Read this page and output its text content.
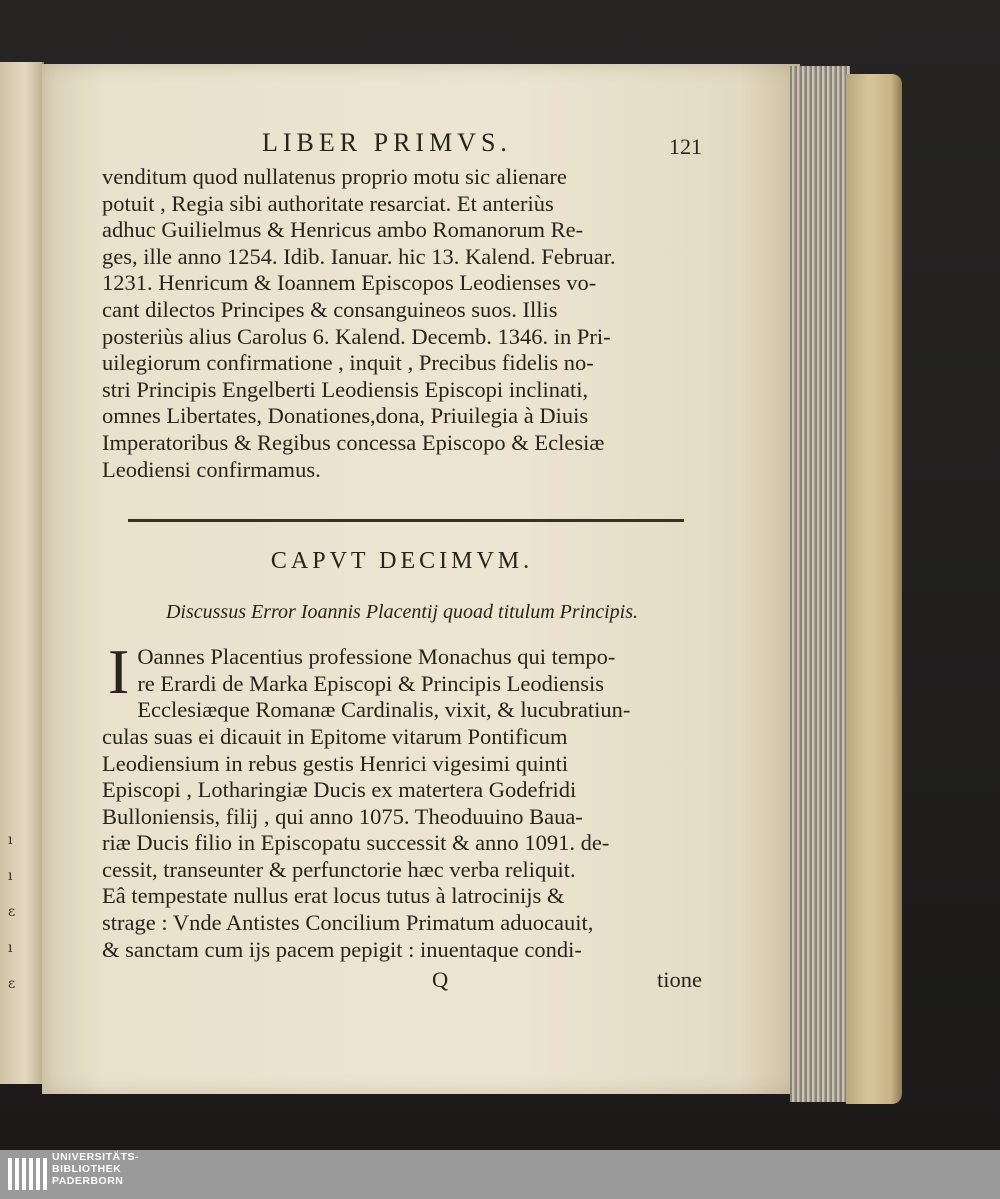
ı
ı
ɛ
ı
ɛ
LIBER PRIMVS.	121

venditum quod nullatenus proprio motu sic alienare

potuit , Regia sibi authoritate resarciat. Et anteriùs

adhuc Guilielmus & Henricus ambo Romanorum Re-

ges, ille anno 1254. Idib. Ianuar. hic 13. Kalend. Februar.

1231. Henricum & Ioannem Episcopos Leodienses vo-

cant dilectos Principes & consanguineos suos. Illis

posteriùs alius Carolus 6. Kalend. Decemb. 1346. in Pri-

uilegiorum confirmatione , inquit , Precibus fidelis no-

stri Principis Engelberti Leodiensis Episcopi inclinati,

omnes Libertates, Donationes,dona, Priuilegia à Diuis

Imperatoribus & Regibus concessa Episcopo & Eclesiæ

Leodiensi confirmamus.

CAPVT DECIMVM.
Discussus Error Ioannis Placentij quoad titulum Principis.
I Oannes Placentius professione Monachus qui tempo-

re Erardi de Marka Episcopi & Principis Leodiensis

Ecclesiæque Romanæ Cardinalis, vixit, & lucubratiun-

culas suas ei dicauit in Epitome vitarum Pontificum

Leodiensium in rebus gestis Henrici vigesimi quinti

Episcopi , Lotharingiæ Ducis ex matertera Godefridi

Bulloniensis, filij , qui anno 1075. Theoduuino Baua-

riæ Ducis filio in Episcopatu successit & anno 1091. de-

cessit, transeunter & perfunctorie hæc verba reliquit.

Eâ tempestate nullus erat locus tutus à latrocinijs &

strage : Vnde Antistes Concilium Primatum aduocauit,

& sanctam cum ijs pacem pepigit : inuentaque condi-

Q	tione
UNIVERSITÄTS-
BIBLIOTHEK
PADERBORN
